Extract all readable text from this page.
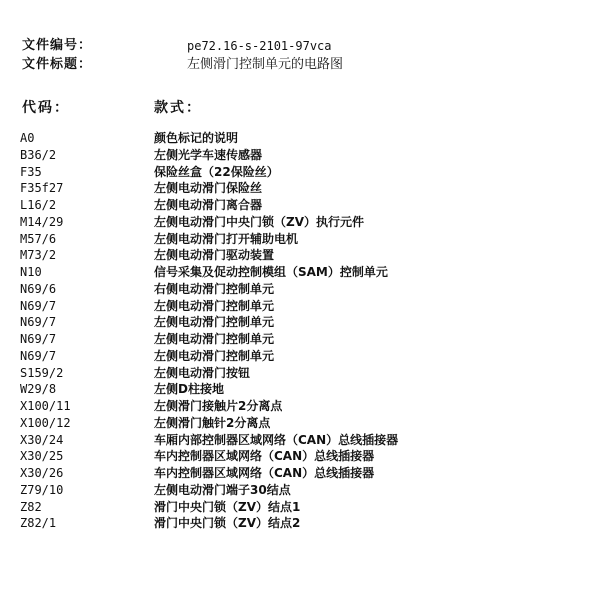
文件编号：	pe72.16-s-2101-97vca
文件标题：	左侧滑门控制单元的电路图
代码：	款式：
A0	颜色标记的说明
B36/2	左侧光学车速传感器
F35	保险丝盒（22保险丝）
F35f27	左侧电动滑门保险丝
L16/2	左侧电动滑门离合器
M14/29	左侧电动滑门中央门锁（ZV）执行元件
M57/6	左侧电动滑门打开辅助电机
M73/2	左侧电动滑门驱动装置
N10	信号采集及促动控制模组（SAM）控制单元
N69/6	右侧电动滑门控制单元
N69/7	左侧电动滑门控制单元
N69/7	左侧电动滑门控制单元
N69/7	左侧电动滑门控制单元
N69/7	左侧电动滑门控制单元
S159/2	左侧电动滑门按钮
W29/8	左侧D柱接地
X100/11	左侧滑门接触片2分离点
X100/12	左侧滑门触针2分离点
X30/24	车厢内部控制器区域网络（CAN）总线插接器
X30/25	车内控制器区域网络（CAN）总线插接器
X30/26	车内控制器区域网络（CAN）总线插接器
Z79/10	左侧电动滑门端子30结点
Z82	滑门中央门锁（ZV）结点1
Z82/1	滑门中央门锁（ZV）结点2
